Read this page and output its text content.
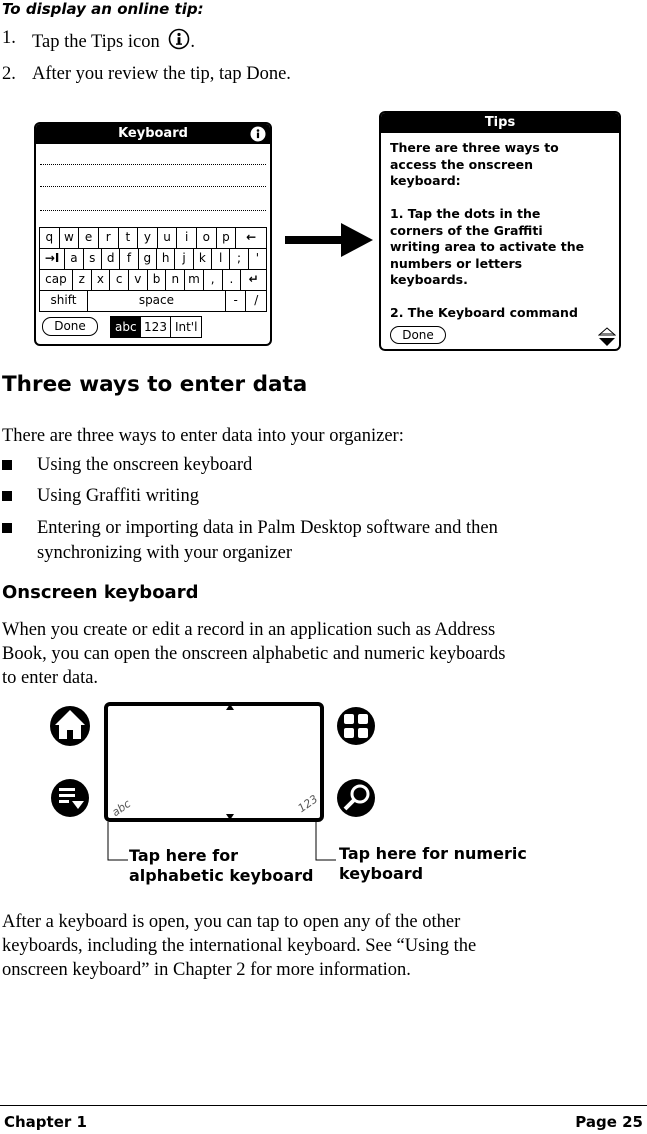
To display an online tip:
1. Tap the Tips icon .
2. After you review the tip, tap Done.
Keyboard
q w e	r	t	y	u	i	o	p	←
→I a s d	f	g h	j	k	l	;	'
cap z	x c v b n m ,	.	↵
shift	space	-	/
Done	abc 123 Int'l
Tips
There are three ways to
access the onscreen
keyboard:
1. Tap the dots in the
corners of the Graffiti
writing area to activate the
numbers or letters
keyboards.
2. The Keyboard command
Done
Three ways to enter data
There are three ways to enter data into your organizer:
Using the onscreen keyboard
Using Graffiti writing
Entering or importing data in Palm Desktop software and then
synchronizing with your organizer
Onscreen keyboard
When you create or edit a record in an application such as Address
Book, you can open the onscreen alphabetic and numeric keyboards
to enter data.
abc	123
Tap here for
alphabetic keyboard
Tap here for numeric
keyboard
After a keyboard is open, you can tap to open any of the other
keyboards, including the international keyboard. See “Using the
onscreen keyboard” in Chapter 2 for more information.
Chapter 1	Page 25
